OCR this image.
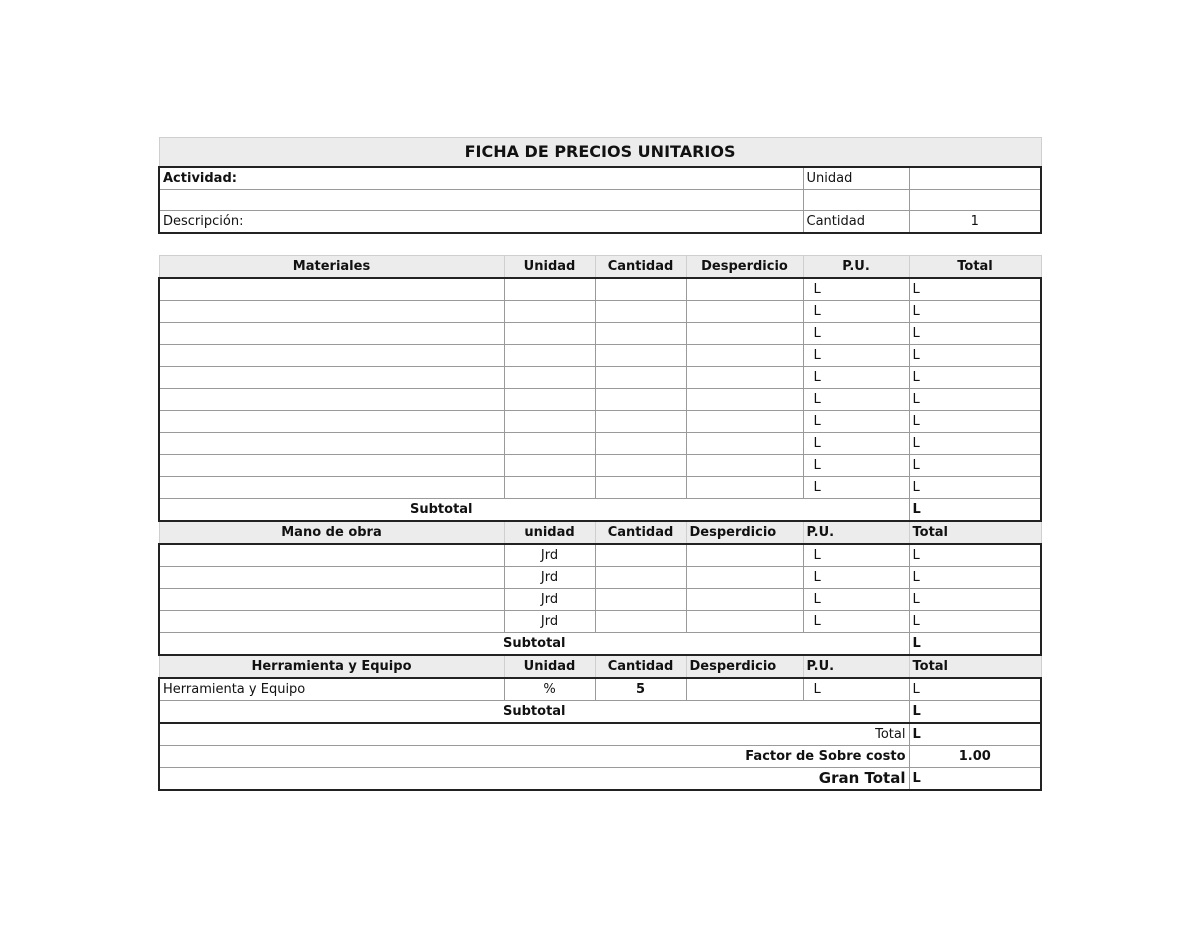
FICHA DE PRECIOS UNITARIOS					
Actividad:				Unidad	

Descripción:				Cantidad	1

Materiales	Unidad	Cantidad	Desperdicio	P.U.	Total
				L	L
				L	L
				L	L
				L	L
				L	L
				L	L
				L	L
				L	L
				L	L
				L	L
Subtotal					L
Mano de obra	unidad	Cantidad	Desperdicio	P.U.	Total
	Jrd			L	L
	Jrd			L	L
	Jrd			L	L
	Jrd			L	L
Subtotal					L
Herramienta y Equipo	Unidad	Cantidad	Desperdicio	P.U.	Total
Herramienta y Equipo	%	5		L	L
Subtotal					L
Total					L
Factor de Sobre costo					1.00
Gran Total					L
